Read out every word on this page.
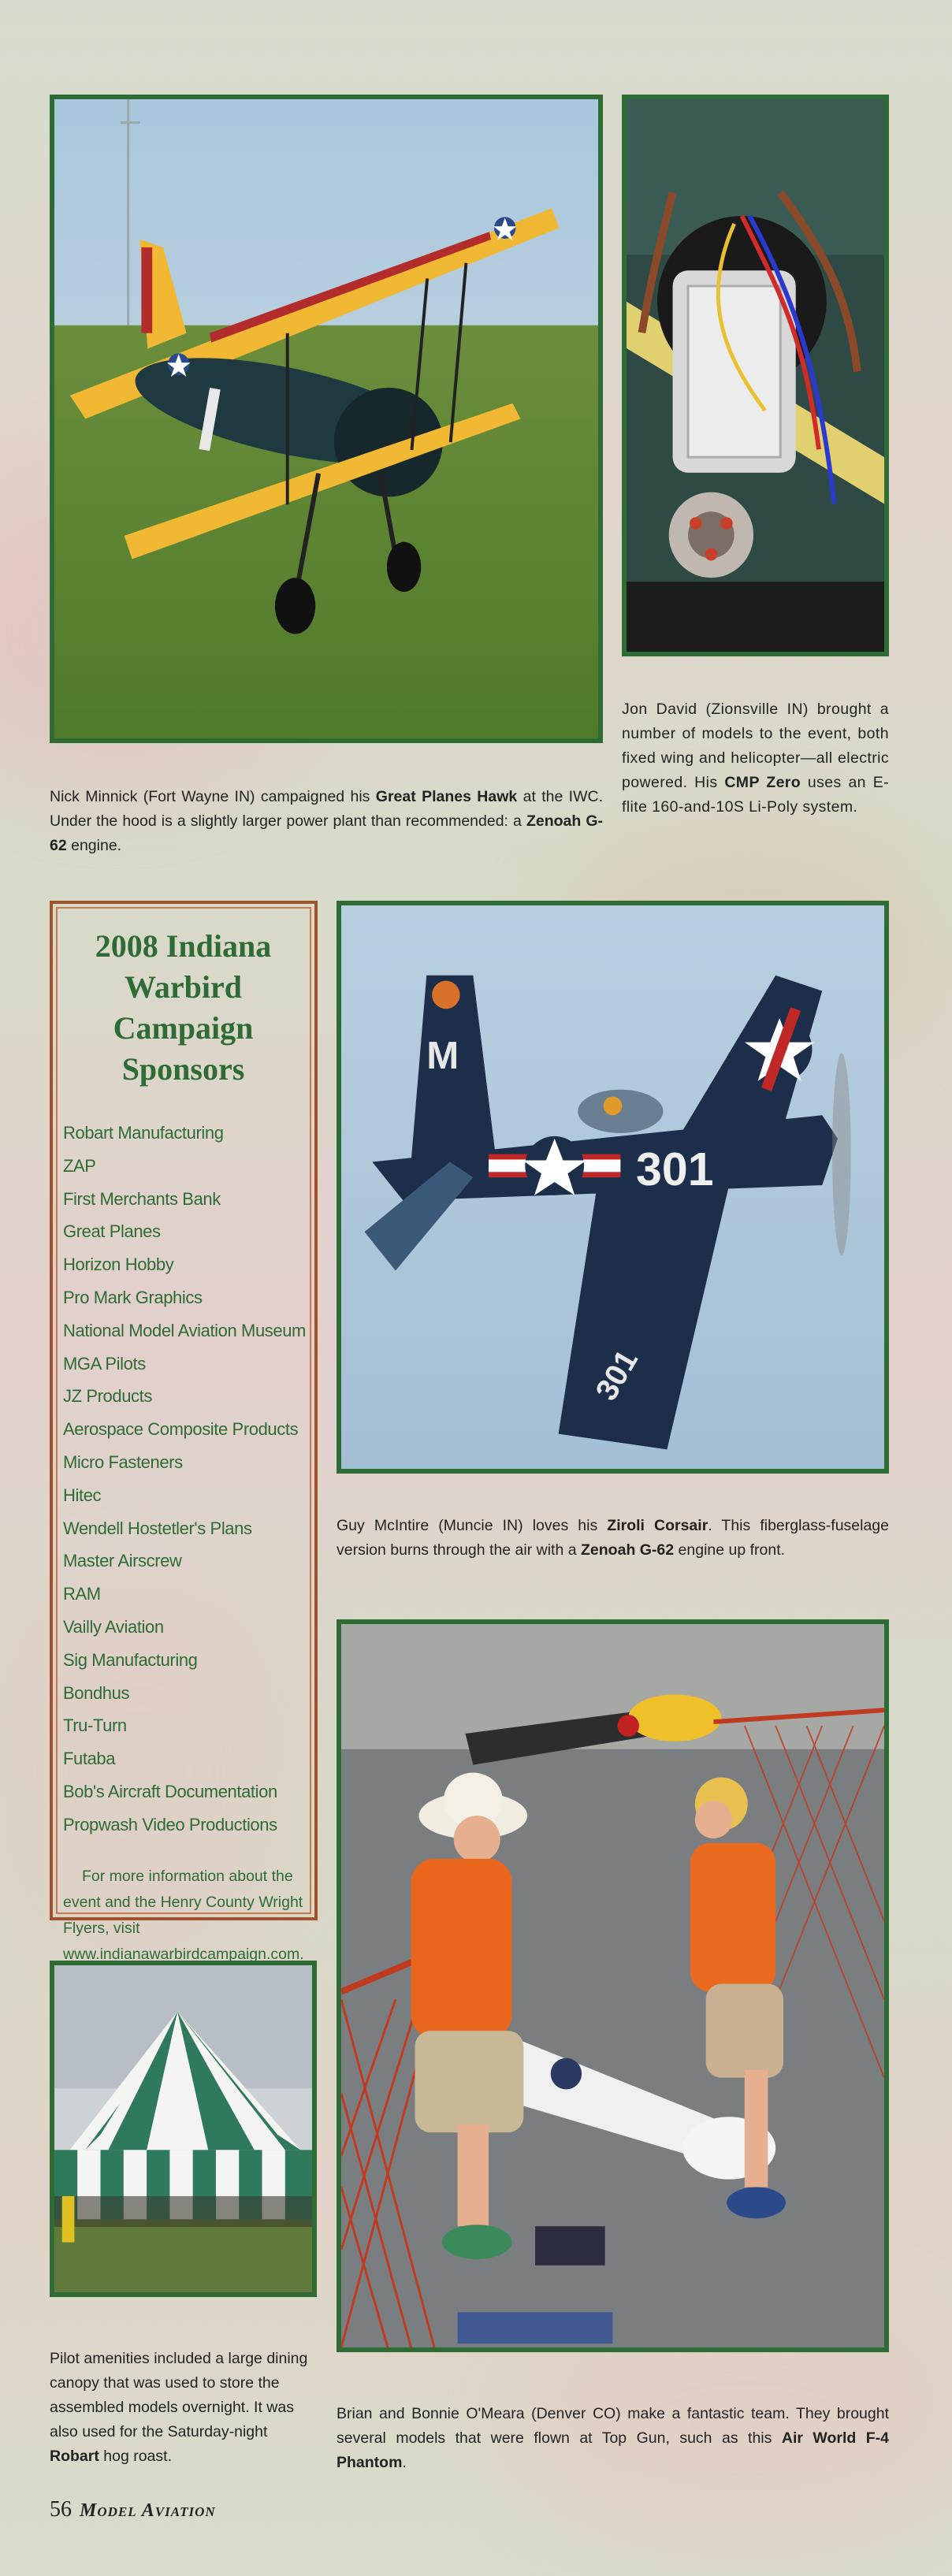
Jon David (Zionsville IN) brought a number of models to the event, both fixed wing and helicopter—all electric powered. His CMP Zero uses an E-flite 160-and-10S Li-Poly system.

Nick Minnick (Fort Wayne IN) campaigned his Great Planes Hawk at the IWC. Under the hood is a slightly larger power plant than recommended: a Zenoah G-62 engine.

2008 Indiana Warbird Campaign Sponsors
Robart Manufacturing
ZAP
First Merchants Bank
Great Planes
Horizon Hobby
Pro Mark Graphics
National Model Aviation Museum
MGA Pilots
JZ Products
Aerospace Composite Products
Micro Fasteners
Hitec
Wendell Hostetler's Plans
Master Airscrew
RAM
Vailly Aviation
Sig Manufacturing
Bondhus
Tru-Turn
Futaba
Bob's Aircraft Documentation
Propwash Video Productions

For more information about the event and the Henry County Wright Flyers, visit www.indianawarbirdcampaign.com.

M
301
301

Guy McIntire (Muncie IN) loves his Ziroli Corsair. This fiberglass-fuselage version burns through the air with a Zenoah G-62 engine up front.

Pilot amenities included a large dining canopy that was used to store the assembled models overnight. It was also used for the Saturday-night Robart hog roast.

Brian and Bonnie O'Meara (Denver CO) make a fantastic team. They brought several models that were flown at Top Gun, such as this Air World F-4 Phantom.

56 Model Aviation
